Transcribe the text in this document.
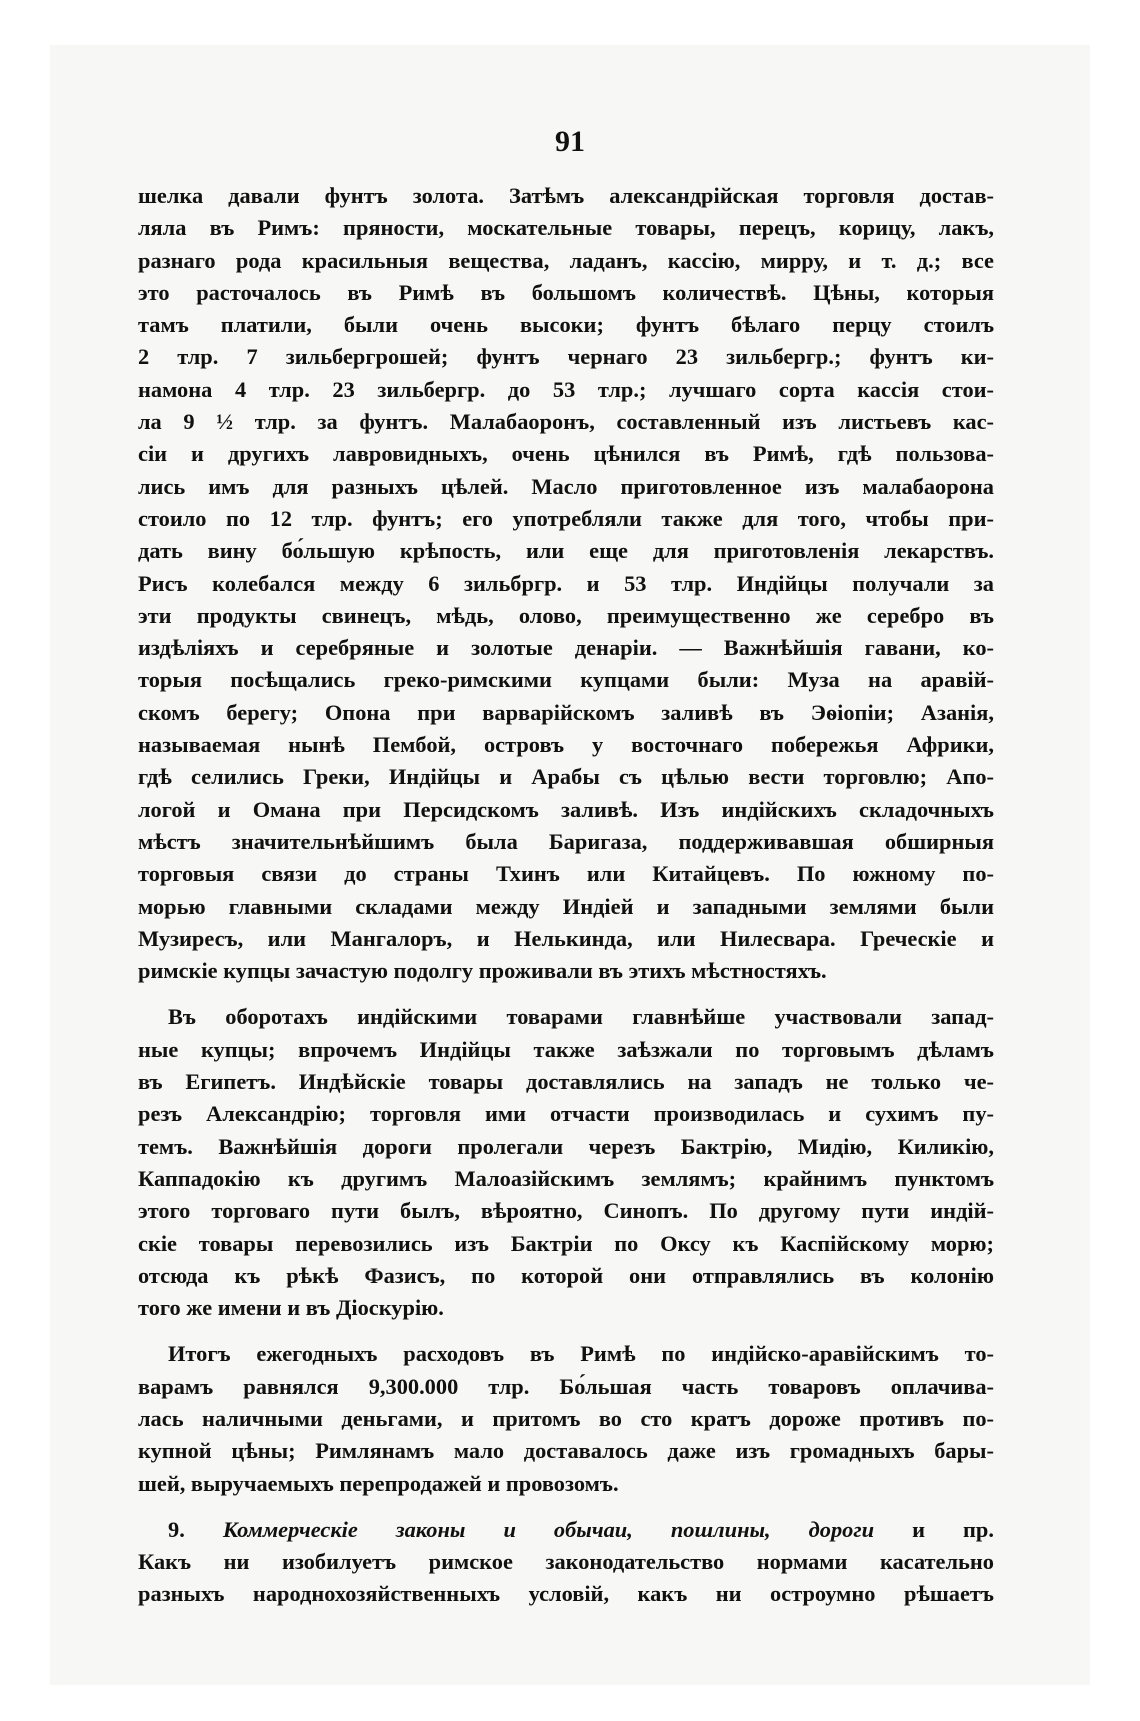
91
шелка давали фунтъ золота. Затѣмъ александрійская торговля достав-
ляла въ Римъ: пряности, москательные товары, перецъ, корицу, лакъ,
разнаго рода красильныя вещества, ладанъ, кассію, мирру, и т. д.; все
это расточалось въ Римѣ въ большомъ количествѣ. Цѣны, которыя
тамъ платили, были очень высоки; фунтъ бѣлаго перцу стоилъ
2 тлр. 7 зильбергрошей; фунтъ чернаго 23 зильбергр.; фунтъ ки-
намона 4 тлр. 23 зильбергр. до 53 тлр.; лучшаго сорта кассія стои-
ла 9 ½ тлр. за фунтъ. Малабаоронъ, составленный изъ листьевъ кас-
сіи и другихъ лавровидныхъ, очень цѣнился въ Римѣ, гдѣ пользова-
лись имъ для разныхъ цѣлей. Масло приготовленное изъ малабаорона
стоило по 12 тлр. фунтъ; его употребляли также для того, чтобы при-
дать вину бо́льшую крѣпость, или еще для приготовленія лекарствъ.
Рисъ колебался между 6 зильбргр. и 53 тлр. Индійцы получали за
эти продукты свинецъ, мѣдь, олово, преимущественно же серебро въ
издѣліяхъ и серебряные и золотые денаріи. — Важнѣйшія гавани, ко-
торыя посѣщались греко-римскими купцами были: Муза на аравій-
скомъ берегу; Опона при варварійскомъ заливѣ въ Эѳіопіи; Азанія,
называемая нынѣ Пембой, островъ у восточнаго побережья Африки,
гдѣ селились Греки, Индійцы и Арабы съ цѣлью вести торговлю; Апо-
логой и Омана при Персидскомъ заливѣ. Изъ индійскихъ складочныхъ
мѣстъ значительнѣйшимъ была Баригаза, поддерживавшая обширныя
торговыя связи до страны Тхинъ или Китайцевъ. По южному по-
морью главными складами между Индіей и западными землями были
Музиресъ, или Мангалоръ, и Нелькинда, или Нилесвара. Греческіе и
римскіе купцы зачастую подолгу проживали въ этихъ мѣстностяхъ.
Въ оборотахъ индійскими товарами главнѣйше участвовали запад-
ные купцы; впрочемъ Индійцы также заѣзжали по торговымъ дѣламъ
въ Египетъ. Индѣйскіе товары доставлялись на западъ не только че-
резъ Александрію; торговля ими отчасти производилась и сухимъ пу-
темъ. Важнѣйшія дороги пролегали черезъ Бактрію, Мидію, Киликію,
Каппадокію къ другимъ Малоазійскимъ землямъ; крайнимъ пунктомъ
этого торговаго пути былъ, вѣроятно, Синопъ. По другому пути индій-
скіе товары перевозились изъ Бактріи по Оксу къ Каспійскому морю;
отсюда къ рѣкѣ Фазисъ, по которой они отправлялись въ колонію
того же имени и въ Діоскурію.
Итогъ ежегодныхъ расходовъ въ Римѣ по индійско-аравійскимъ то-
варамъ равнялся 9,300.000 тлр. Бо́льшая часть товаровъ оплачива-
лась наличными деньгами, и притомъ во сто кратъ дороже противъ по-
купной цѣны; Римлянамъ мало доставалось даже изъ громадныхъ бары-
шей, выручаемыхъ перепродажей и провозомъ.
9. Коммерческіе законы и обычаи, пошлины, дороги и пр.
Какъ ни изобилуетъ римское законодательство нормами касательно
разныхъ народнохозяйственныхъ условій, какъ ни остроумно рѣшаетъ
